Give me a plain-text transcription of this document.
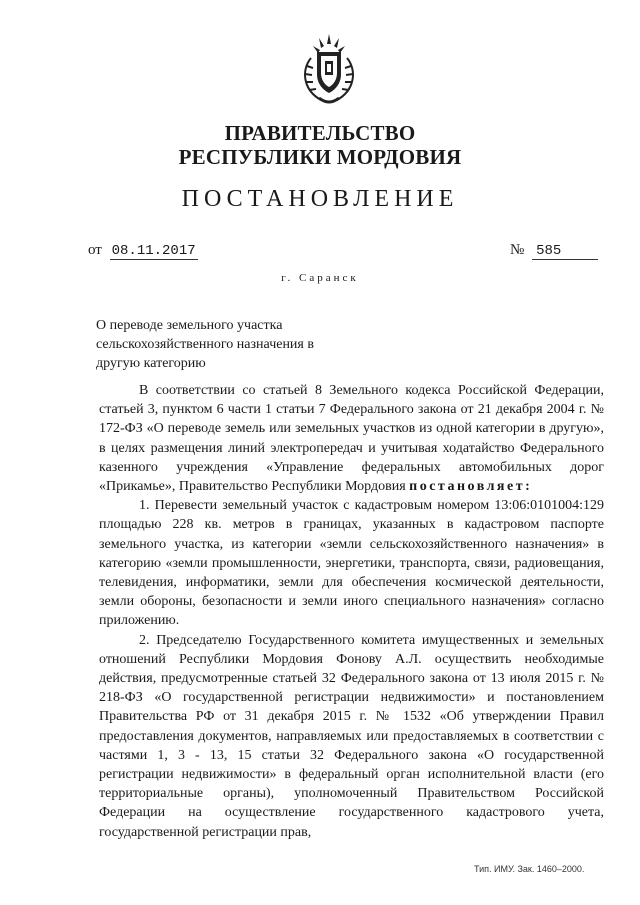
ПРАВИТЕЛЬСТВО
РЕСПУБЛИКИ МОРДОВИЯ
ПОСТАНОВЛЕНИЕ
от 08.11.2017	№ 585
г. Саранск
О переводе земельного участка
сельскохозяйственного назначения в
другую категорию

В соответствии со статьей 8 Земельного кодекса Российской Федерации, статьей 3, пунктом 6 части 1 статьи 7 Федерального закона от 21 декабря 2004 г. № 172-ФЗ «О переводе земель или земельных участков из одной категории в другую», в целях размещения линий электропередач и учитывая ходатайство Федерального казенного учреждения «Управление федеральных автомобильных дорог «Прикамье», Правительство Республики Мордовия постановляет:

1. Перевести земельный участок с кадастровым номером 13:06:0101004:129 площадью 228 кв. метров в границах, указанных в кадастровом паспорте земельного участка, из категории «земли сельскохозяйственного назначения» в категорию «земли промышленности, энергетики, транспорта, связи, радиовещания, телевидения, информатики, земли для обеспечения космической деятельности, земли обороны, безопасности и земли иного специального назначения» согласно приложению.

2. Председателю Государственного комитета имущественных и земельных отношений Республики Мордовия Фонову А.Л. осуществить необходимые действия, предусмотренные статьей 32 Федерального закона от 13 июля 2015 г. № 218-ФЗ «О государственной регистрации недвижимости» и постановлением Правительства РФ от 31 декабря 2015 г. № 1532 «Об утверждении Правил предоставления документов, направляемых или предоставляемых в соответствии с частями 1, 3 - 13, 15 статьи 32 Федерального закона «О государственной регистрации недвижимости» в федеральный орган исполнительной власти (его территориальные органы), уполномоченный Правительством Российской Федерации на осуществление государственного кадастрового учета, государственной регистрации прав,

Тип. ИМУ. Зак. 1460–2000.
